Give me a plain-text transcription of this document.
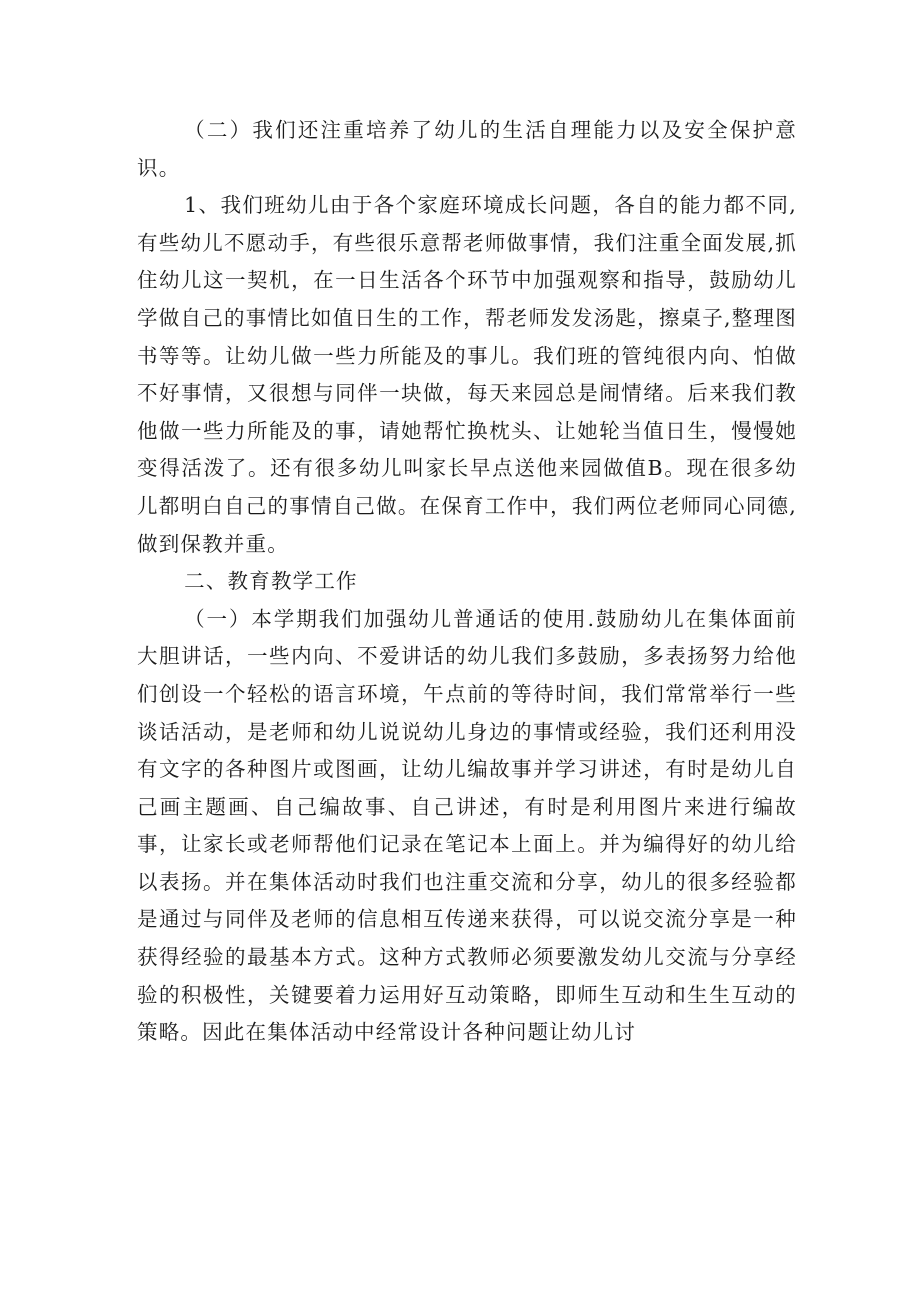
（二）我们还注重培养了幼儿的生活自理能力以及安全保护意识。

1、我们班幼儿由于各个家庭环境成长问题，各自的能力都不同,有些幼儿不愿动手，有些很乐意帮老师做事情，我们注重全面发展,抓住幼儿这一契机，在一日生活各个环节中加强观察和指导，鼓励幼儿学做自己的事情比如值日生的工作，帮老师发发汤匙，擦桌子,整理图书等等。让幼儿做一些力所能及的事儿。我们班的管纯很内向、怕做不好事情，又很想与同伴一块做，每天来园总是闹情绪。后来我们教他做一些力所能及的事，请她帮忙换枕头、让她轮当值日生，慢慢她变得活泼了。还有很多幼儿叫家长早点送他来园做值B。现在很多幼儿都明白自己的事情自己做。在保育工作中，我们两位老师同心同德,做到保教并重。

二、教育教学工作

（一）本学期我们加强幼儿普通话的使用.鼓励幼儿在集体面前大胆讲话，一些内向、不爱讲话的幼儿我们多鼓励，多表扬努力给他们创设一个轻松的语言环境，午点前的等待时间，我们常常举行一些谈话活动，是老师和幼儿说说幼儿身边的事情或经验，我们还利用没有文字的各种图片或图画，让幼儿编故事并学习讲述，有时是幼儿自己画主题画、自己编故事、自己讲述，有时是利用图片来进行编故事，让家长或老师帮他们记录在笔记本上面上。并为编得好的幼儿给以表扬。并在集体活动时我们也注重交流和分享，幼儿的很多经验都是通过与同伴及老师的信息相互传递来获得，可以说交流分享是一种获得经验的最基本方式。这种方式教师必须要激发幼儿交流与分享经验的积极性，关键要着力运用好互动策略，即师生互动和生生互动的策略。因此在集体活动中经常设计各种问题让幼儿讨
